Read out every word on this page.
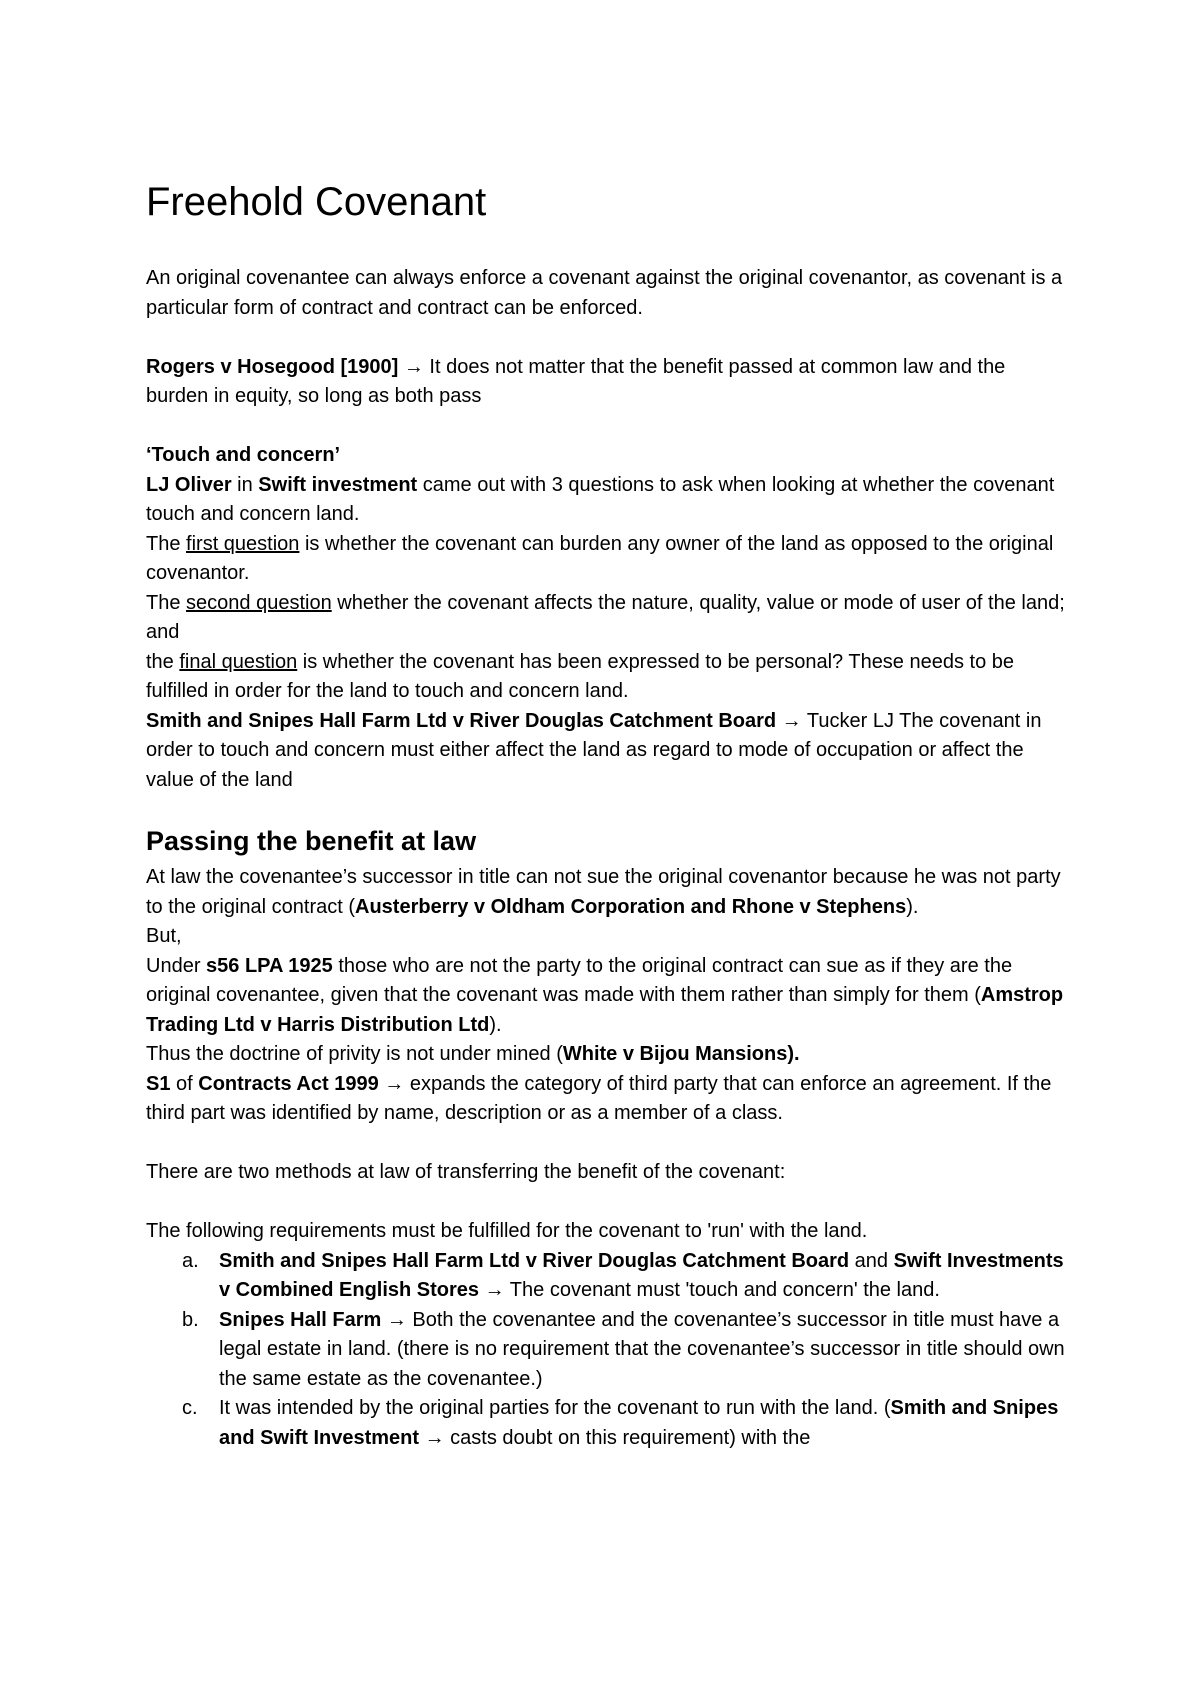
Freehold Covenant

An original covenantee can always enforce a covenant against the original covenantor, as covenant is a particular form of contract and contract can be enforced.

Rogers v Hosegood [1900] → It does not matter that the benefit passed at common law and the burden in equity, so long as both pass

‘Touch and concern’

LJ Oliver in Swift investment came out with 3 questions to ask when looking at whether the covenant touch and concern land.

The first question is whether the covenant can burden any owner of the land as opposed to the original covenantor.

The second question whether the covenant affects the nature, quality, value or mode of user of the land; and

the final question is whether the covenant has been expressed to be personal? These needs to be fulfilled in order for the land to touch and concern land.

Smith and Snipes Hall Farm Ltd v River Douglas Catchment Board → Tucker LJ The covenant in order to touch and concern must either affect the land as regard to mode of occupation or affect the value of the land

Passing the benefit at law

At law the covenantee’s successor in title can not sue the original covenantor because he was not party to the original contract (Austerberry v Oldham Corporation and Rhone v Stephens).

But,

Under s56 LPA 1925 those who are not the party to the original contract can sue as if they are the original covenantee, given that the covenant was made with them rather than simply for them (Amstrop Trading Ltd v Harris Distribution Ltd).

Thus the doctrine of privity is not under mined (White v Bijou Mansions).

S1 of Contracts Act 1999 → expands the category of third party that can enforce an agreement. If the third part was identified by name, description or as a member of a class.

There are two methods at law of transferring the benefit of the covenant:

The following requirements must be fulfilled for the covenant to 'run' with the land.

a. Smith and Snipes Hall Farm Ltd v River Douglas Catchment Board and Swift Investments v Combined English Stores → The covenant must 'touch and concern' the land.
b. Snipes Hall Farm → Both the covenantee and the covenantee’s successor in title must have a legal estate in land. (there is no requirement that the covenantee’s successor in title should own the same estate as the covenantee.)
c. It was intended by the original parties for the covenant to run with the land. (Smith and Snipes and Swift Investment → casts doubt on this requirement) with the
